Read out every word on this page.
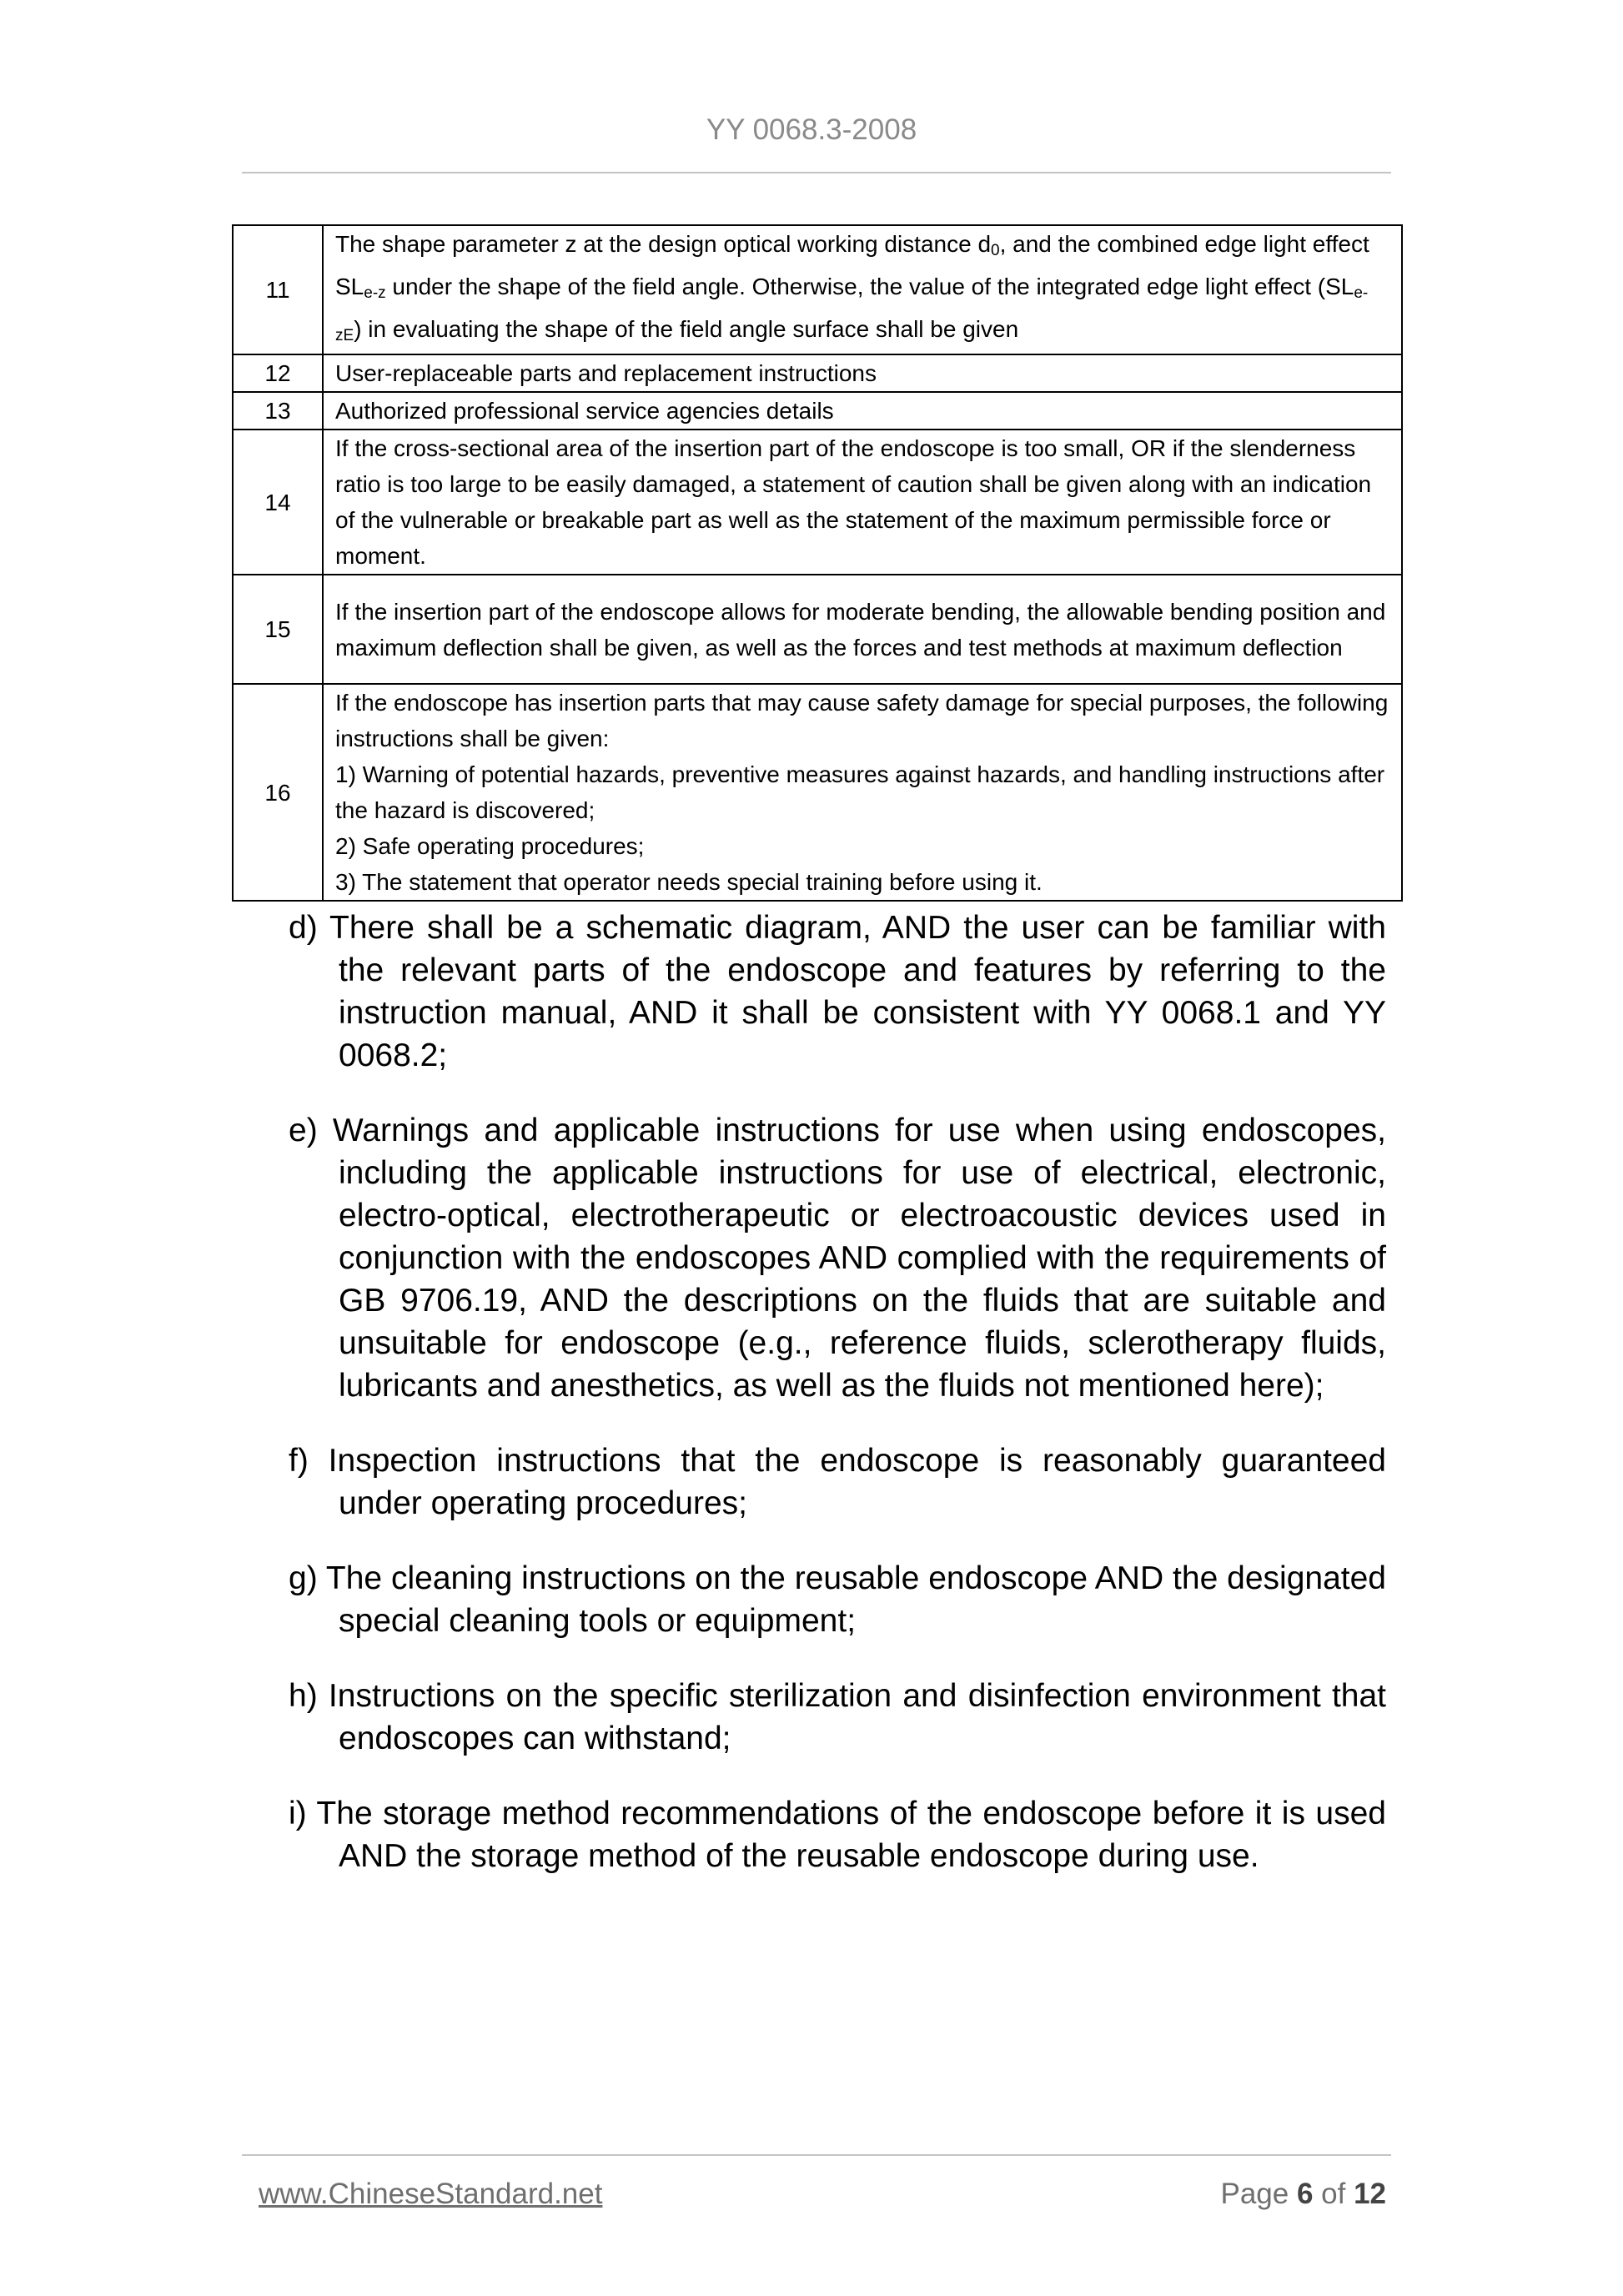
YY 0068.3-2008
11	The shape parameter z at the design optical working distance $d_0$, and the combined edge light effect $SL_{e-z}$ under the shape of the field angle. Otherwise, the value of the integrated edge light effect $(SL_{e-zE})$ in evaluating the shape of the field angle surface shall be given
12	User-replaceable parts and replacement instructions
13	Authorized professional service agencies details
14	If the cross-sectional area of the insertion part of the endoscope is too small, OR if the slenderness ratio is too large to be easily damaged, a statement of caution shall be given along with an indication of the vulnerable or breakable part as well as the statement of the maximum permissible force or moment.
15	If the insertion part of the endoscope allows for moderate bending, the allowable bending position and maximum deflection shall be given, as well as the forces and test methods at maximum deflection
16	If the endoscope has insertion parts that may cause safety damage for special purposes, the following instructions shall be given:
1) Warning of potential hazards, preventive measures against hazards, and handling instructions after the hazard is discovered;
2) Safe operating procedures;
3) The statement that operator needs special training before using it.

d) There shall be a schematic diagram, AND the user can be familiar with the relevant parts of the endoscope and features by referring to the instruction manual, AND it shall be consistent with YY 0068.1 and YY 0068.2;

e) Warnings and applicable instructions for use when using endoscopes, including the applicable instructions for use of electrical, electronic, electro-optical, electrotherapeutic or electroacoustic devices used in conjunction with the endoscopes AND complied with the requirements of GB 9706.19, AND the descriptions on the fluids that are suitable and unsuitable for endoscope (e.g., reference fluids, sclerotherapy fluids, lubricants and anesthetics, as well as the fluids not mentioned here);

f) Inspection instructions that the endoscope is reasonably guaranteed under operating procedures;

g) The cleaning instructions on the reusable endoscope AND the designated special cleaning tools or equipment;

h) Instructions on the specific sterilization and disinfection environment that endoscopes can withstand;

i) The storage method recommendations of the endoscope before it is used AND the storage method of the reusable endoscope during use.

www.ChineseStandard.net	Page 6 of 12
